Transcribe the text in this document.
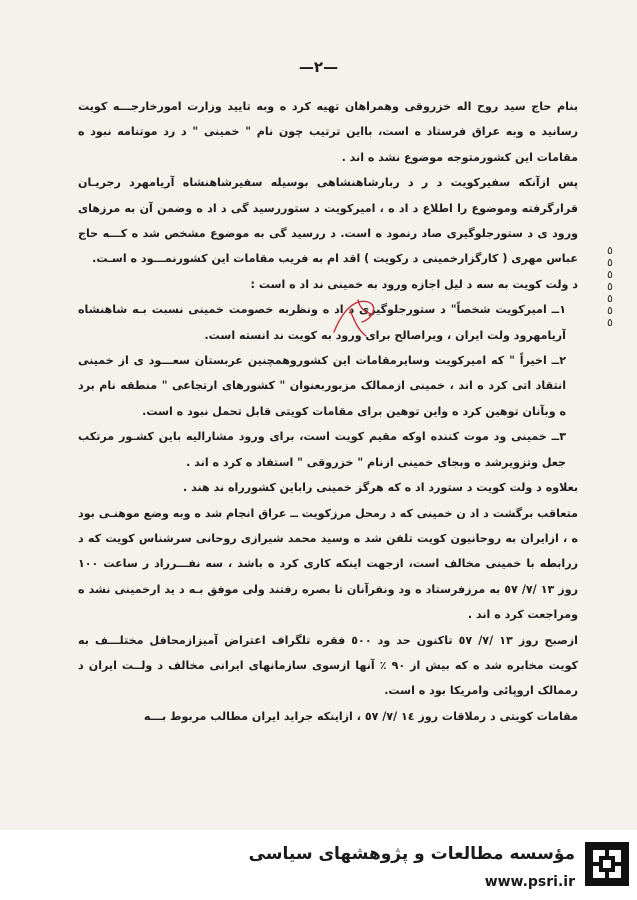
—٢—

بنام حاج سید روح اله خزروقی وهمراهان تهیه کرد ه وبه تایید وزارت امورخارجـــه کویت رسانید ه وبه عراق فرستاد ه است، بااین ترتیب چون نام " خمینی " د رد موتنامه نبود ه مقامات این کشورمتوجه موضوع نشد ه اند .

پس ازآنکه سفیرکویت د ر د ربارشاهنشاهی بوسیله سفیرشاهنشاه آریامهرد رجریـان قرارگرفته وموضوع را اطلاع د اد ه ، امیرکویت د ستوررسید گی د اد ه وضمن آن به مرزهای ورود ی د ستورجلوگیری صاد رنمود ه است. د ررسید گی به موضوع مشخص شد ه کـــه حاج عباس مهری ( کارگزارخمینی د رکویت ) اقد ام به فریب مقامات این کشورنمـــود ه اسـت.

د ولت کویت به سه د لیل اجازه ورود به خمینی ند اد ه است :

١ــ امیرکویت شخصاً" د ستورجلوگیری د اد ه ونظربه خصومت خمینی نسبت بـه شاهنشاه آریامهرود ولت ایران ، ویراصالح برای ورود به کویت ند انسته است.

٢ــ اخیراً " که امیرکویت وسایرمقامات این کشوروهمچنین عربستان سعـــود ی از خمینی انتقاد اتی کرد ه اند ، خمینی ازممالک مزبوربعنوان " کشورهای ارتجاعی " منطقه نام برد ه وبآنان توهین کرد ه واین توهین برای مقامات کویتی قابل تحمل نبود ه است.

٣ــ خمینی ود موت کننده اوکه مقیم کویت است، برای ورود مشارالیه باین کشـور مرتکب جعل وتزویرشد ه وبجای خمینی ازنام " خزروقی " استفاد ه کرد ه اند .

بعلاوه د ولت کویت د ستورد اد ه که هرگز خمینی راباین کشورراه ند هند .

متعاقب برگشت د اد ن خمینی که د رمحل مرزکویت ــ عراق انجام شد ه وبه وضع موهنـی بود ه ، ازایران به روحانیون کویت تلفن شد ه وسید محمد شیرازی روحانی سرشناس کویت که د ررابطه با خمینی مخالف است، ازجهت اینکه کاری کرد ه باشد ، سه نفـــرراد ر ساعت ١٠٠ روز ١٣ /٧/ ٥٧ به مرزفرستاد ه ود ونفرآنان تا بصره رفتند ولی موفق بـه د ید ارخمینی نشد ه ومراجعت کرد ه اند .

ازصبح روز ١٣ /٧/ ٥٧ تاکنون حد ود ٥٠٠ فقره تلگراف اعتراض آمیزازمحافل مختلـــف به کویت مخابره شد ه که بیش از ٩٠ ٪ آنها ازسوی سازمانهای ایرانی مخالف د ولــت ایران د رممالک اروپائی وامریکا بود ه است.

مقامات کویتی د رملاقات روز ١٤ /٧/ ٥٧ ، ازاینکه جراید ایران مطالب مربوط بـــه

٥
٥
٥
٥
٥
٥
٥
مؤسسه مطالعات و پژوهشهای سیاسی
www.psri.ir
